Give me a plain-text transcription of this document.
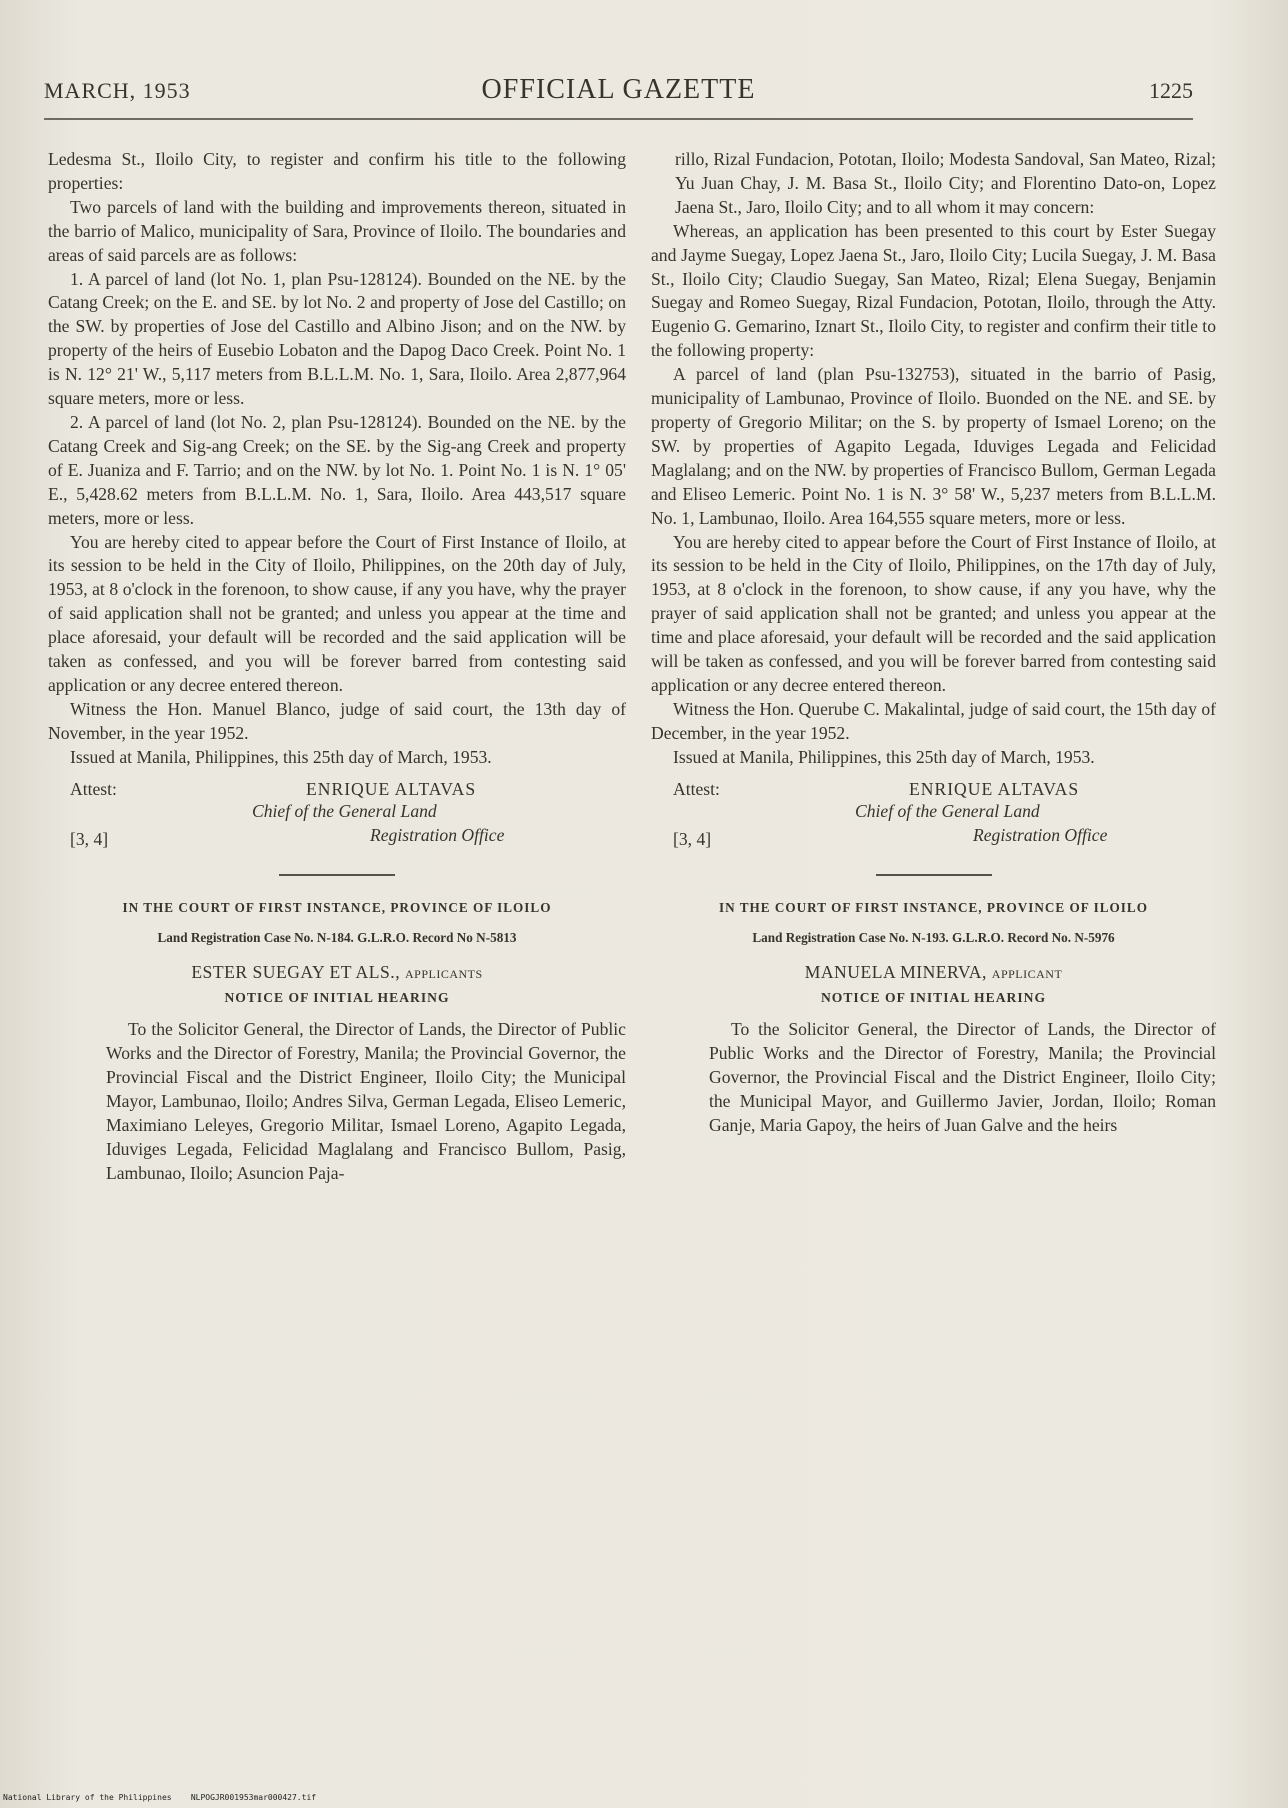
MARCH, 1953	OFFICIAL GAZETTE	1225

Ledesma St., Iloilo City, to register and confirm his title to the following properties:

Two parcels of land with the building and improvements thereon, situated in the barrio of Malico, municipality of Sara, Province of Iloilo. The boundaries and areas of said parcels are as follows:

1. A parcel of land (lot No. 1, plan Psu-128124). Bounded on the NE. by the Catang Creek; on the E. and SE. by lot No. 2 and property of Jose del Castillo; on the SW. by properties of Jose del Castillo and Albino Jison; and on the NW. by property of the heirs of Eusebio Lobaton and the Dapog Daco Creek. Point No. 1 is N. 12° 21' W., 5,117 meters from B.L.L.M. No. 1, Sara, Iloilo. Area 2,877,964 square meters, more or less.

2. A parcel of land (lot No. 2, plan Psu-128124). Bounded on the NE. by the Catang Creek and Sig-ang Creek; on the SE. by the Sig-ang Creek and property of E. Juaniza and F. Tarrio; and on the NW. by lot No. 1. Point No. 1 is N. 1° 05' E., 5,428.62 meters from B.L.L.M. No. 1, Sara, Iloilo. Area 443,517 square meters, more or less.

You are hereby cited to appear before the Court of First Instance of Iloilo, at its session to be held in the City of Iloilo, Philippines, on the 20th day of July, 1953, at 8 o'clock in the forenoon, to show cause, if any you have, why the prayer of said application shall not be granted; and unless you appear at the time and place aforesaid, your default will be recorded and the said application will be taken as confessed, and you will be forever barred from contesting said application or any decree entered thereon.

Witness the Hon. Manuel Blanco, judge of said court, the 13th day of November, in the year 1952.

Issued at Manila, Philippines, this 25th day of March, 1953.

Attest:	ENRIQUE ALTAVAS
Chief of the General Land
Registration Office
[3, 4]
IN THE COURT OF FIRST INSTANCE, PROVINCE OF ILOILO
Land Registration Case No. N-184. G.L.R.O. Record No N-5813
ESTER SUEGAY ET ALS., applicants
NOTICE OF INITIAL HEARING

To the Solicitor General, the Director of Lands, the Director of Public Works and the Director of Forestry, Manila; the Provincial Governor, the Provincial Fiscal and the District Engineer, Iloilo City; the Municipal Mayor, Lambunao, Iloilo; Andres Silva, German Legada, Eliseo Lemeric, Maximiano Leleyes, Gregorio Militar, Ismael Loreno, Agapito Legada, Iduviges Legada, Felicidad Maglalang and Francisco Bullom, Pasig, Lambunao, Iloilo; Asuncion Paja-

rillo, Rizal Fundacion, Pototan, Iloilo; Modesta Sandoval, San Mateo, Rizal; Yu Juan Chay, J. M. Basa St., Iloilo City; and Florentino Dato-on, Lopez Jaena St., Jaro, Iloilo City; and to all whom it may concern:

Whereas, an application has been presented to this court by Ester Suegay and Jayme Suegay, Lopez Jaena St., Jaro, Iloilo City; Lucila Suegay, J. M. Basa St., Iloilo City; Claudio Suegay, San Mateo, Rizal; Elena Suegay, Benjamin Suegay and Romeo Suegay, Rizal Fundacion, Pototan, Iloilo, through the Atty. Eugenio G. Gemarino, Iznart St., Iloilo City, to register and confirm their title to the following property:

A parcel of land (plan Psu-132753), situated in the barrio of Pasig, municipality of Lambunao, Province of Iloilo. Buonded on the NE. and SE. by property of Gregorio Militar; on the S. by property of Ismael Loreno; on the SW. by properties of Agapito Legada, Iduviges Legada and Felicidad Maglalang; and on the NW. by properties of Francisco Bullom, German Legada and Eliseo Lemeric. Point No. 1 is N. 3° 58' W., 5,237 meters from B.L.L.M. No. 1, Lambunao, Iloilo. Area 164,555 square meters, more or less.

You are hereby cited to appear before the Court of First Instance of Iloilo, at its session to be held in the City of Iloilo, Philippines, on the 17th day of July, 1953, at 8 o'clock in the forenoon, to show cause, if any you have, why the prayer of said application shall not be granted; and unless you appear at the time and place aforesaid, your default will be recorded and the said application will be taken as confessed, and you will be forever barred from contesting said application or any decree entered thereon.

Witness the Hon. Querube C. Makalintal, judge of said court, the 15th day of December, in the year 1952.

Issued at Manila, Philippines, this 25th day of March, 1953.

Attest:	ENRIQUE ALTAVAS
Chief of the General Land
Registration Office
[3, 4]
IN THE COURT OF FIRST INSTANCE, PROVINCE OF ILOILO
Land Registration Case No. N-193. G.L.R.O. Record No. N-5976
MANUELA MINERVA, applicant
NOTICE OF INITIAL HEARING

To the Solicitor General, the Director of Lands, the Director of Public Works and the Director of Forestry, Manila; the Provincial Governor, the Provincial Fiscal and the District Engineer, Iloilo City; the Municipal Mayor, and Guillermo Javier, Jordan, Iloilo; Roman Ganje, Maria Gapoy, the heirs of Juan Galve and the heirs

National Library of the Philippines NLPOGJR001953mar000427.tif
